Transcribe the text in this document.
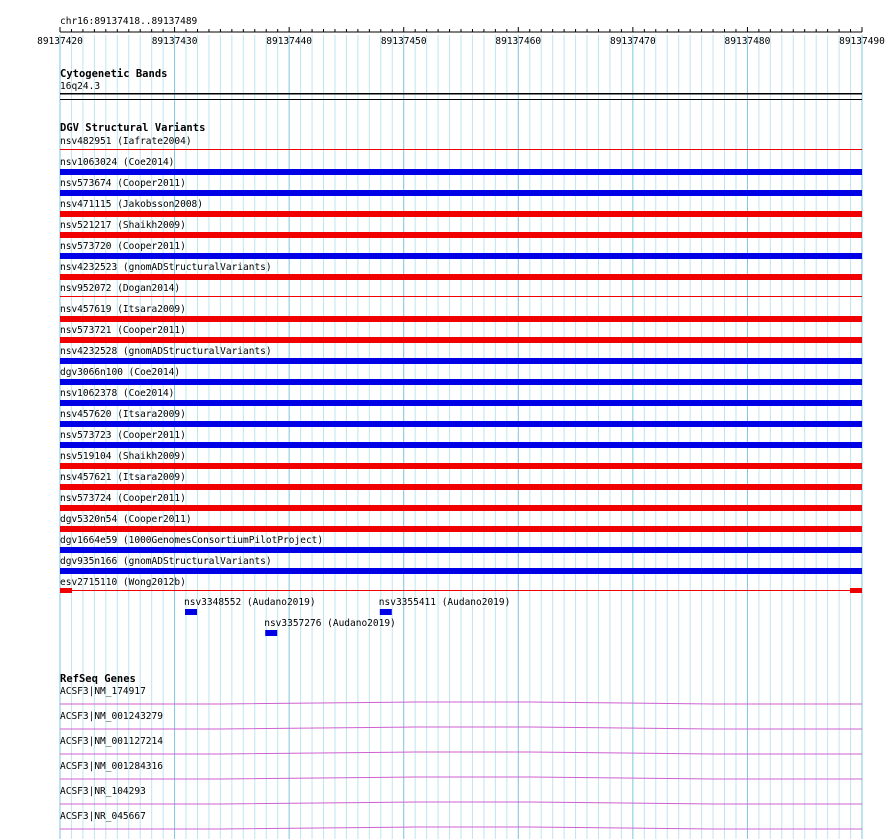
chr16:89137418..89137489
89137420	89137430	89137440	89137450	89137460	89137470	89137480	89137490
Cytogenetic Bands
16q24.3
DGV Structural Variants
nsv482951 (Iafrate2004)
nsv1063024 (Coe2014)
nsv573674 (Cooper2011)
nsv471115 (Jakobsson2008)
nsv521217 (Shaikh2009)
nsv573720 (Cooper2011)
nsv4232523 (gnomADStructuralVariants)
nsv952072 (Dogan2014)
nsv457619 (Itsara2009)
nsv573721 (Cooper2011)
nsv4232528 (gnomADStructuralVariants)
dgv3066n100 (Coe2014)
nsv1062378 (Coe2014)
nsv457620 (Itsara2009)
nsv573723 (Cooper2011)
nsv519104 (Shaikh2009)
nsv457621 (Itsara2009)
nsv573724 (Cooper2011)
dgv5320n54 (Cooper2011)
dgv1664e59 (1000GenomesConsortiumPilotProject)
dgv935n166 (gnomADStructuralVariants)
esv2715110 (Wong2012b)
nsv3348552 (Audano2019)	nsv3355411 (Audano2019)
nsv3357276 (Audano2019)
RefSeq Genes
ACSF3|NM_174917
ACSF3|NM_001243279
ACSF3|NM_001127214
ACSF3|NM_001284316
ACSF3|NR_104293
ACSF3|NR_045667
